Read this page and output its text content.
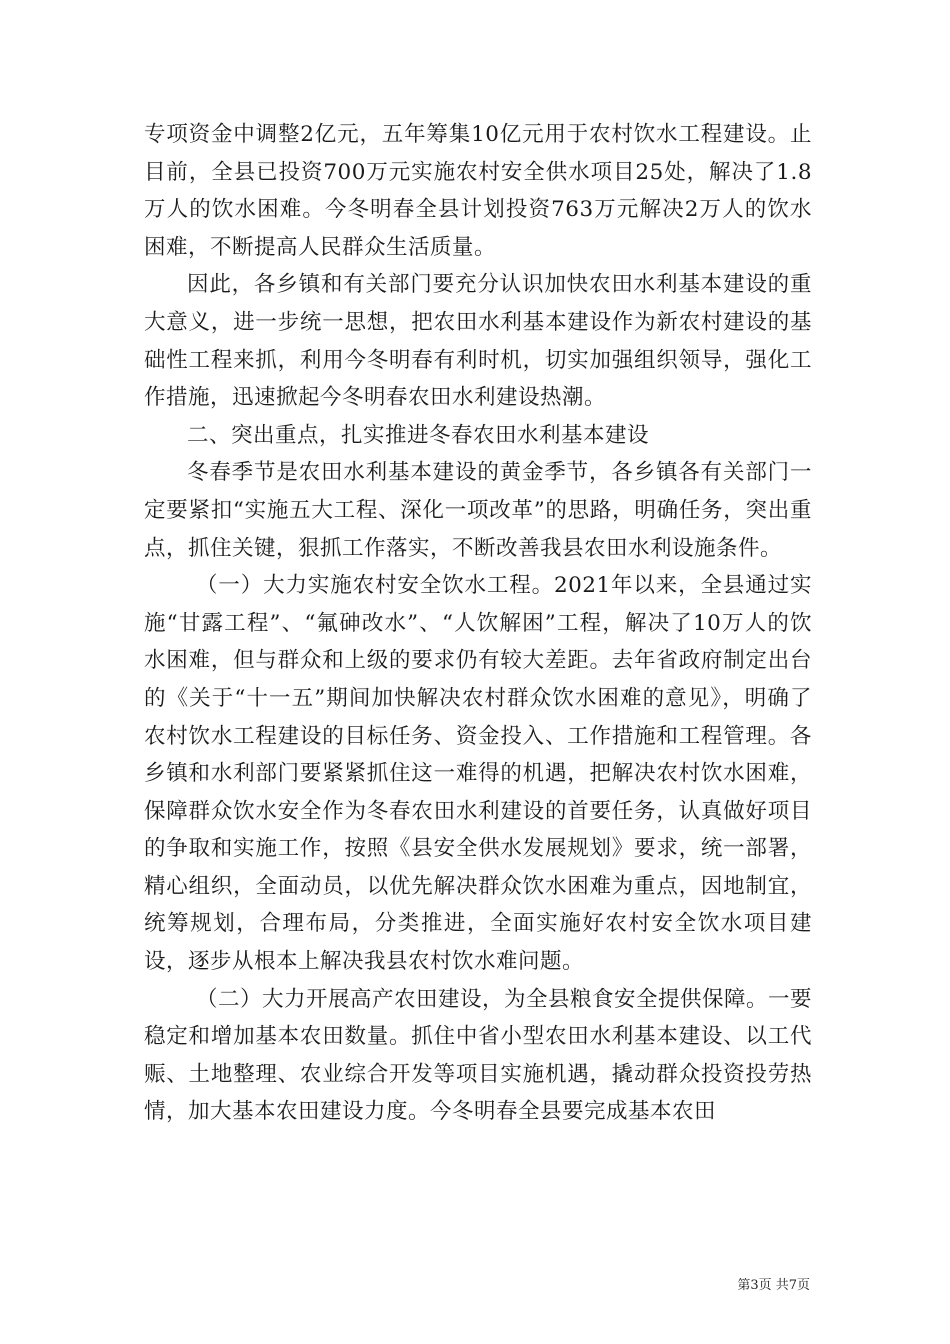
专项资金中调整2亿元，五年筹集10亿元用于农村饮水工程建设。止目前，全县已投资700万元实施农村安全供水项目25处，解决了1.8万人的饮水困难。今冬明春全县计划投资763万元解决2万人的饮水困难，不断提高人民群众生活质量。

因此，各乡镇和有关部门要充分认识加快农田水利基本建设的重大意义，进一步统一思想，把农田水利基本建设作为新农村建设的基础性工程来抓，利用今冬明春有利时机，切实加强组织领导，强化工作措施，迅速掀起今冬明春农田水利建设热潮。

二、突出重点，扎实推进冬春农田水利基本建设

冬春季节是农田水利基本建设的黄金季节，各乡镇各有关部门一定要紧扣“实施五大工程、深化一项改革”的思路，明确任务，突出重点，抓住关键，狠抓工作落实，不断改善我县农田水利设施条件。

（一）大力实施农村安全饮水工程。2021年以来，全县通过实施“甘露工程”、“氟砷改水”、“人饮解困”工程，解决了10万人的饮水困难，但与群众和上级的要求仍有较大差距。去年省政府制定出台的《关于“十一五”期间加快解决农村群众饮水困难的意见》，明确了农村饮水工程建设的目标任务、资金投入、工作措施和工程管理。各乡镇和水利部门要紧紧抓住这一难得的机遇，把解决农村饮水困难，保障群众饮水安全作为冬春农田水利建设的首要任务，认真做好项目的争取和实施工作，按照《县安全供水发展规划》要求，统一部署，精心组织，全面动员，以优先解决群众饮水困难为重点，因地制宜，统筹规划，合理布局，分类推进，全面实施好农村安全饮水项目建设，逐步从根本上解决我县农村饮水难问题。

（二）大力开展高产农田建设，为全县粮食安全提供保障。一要稳定和增加基本农田数量。抓住中省小型农田水利基本建设、以工代赈、土地整理、农业综合开发等项目实施机遇，撬动群众投资投劳热情，加大基本农田建设力度。今冬明春全县要完成基本农田

第3页 共7页
